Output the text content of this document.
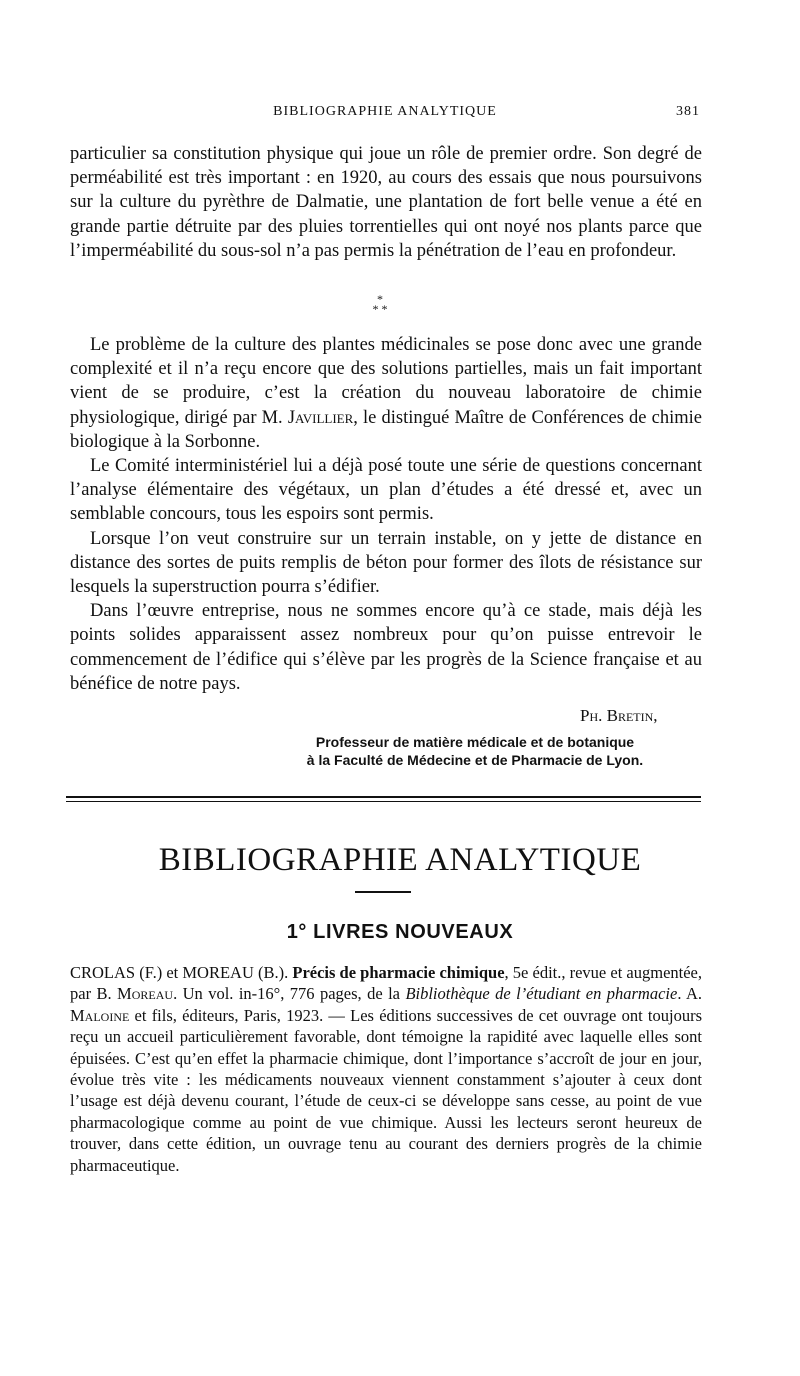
BIBLIOGRAPHIE ANALYTIQUE	381

particulier sa constitution physique qui joue un rôle de premier ordre. Son degré de perméabilité est très important : en 1920, au cours des essais que nous poursuivons sur la culture du pyrèthre de Dalmatie, une plantation de fort belle venue a été en grande partie détruite par des pluies torrentielles qui ont noyé nos plants parce que l’imperméabilité du sous-sol n’a pas permis la pénétration de l’eau en profondeur.

*
* *

Le problème de la culture des plantes médicinales se pose donc avec une grande complexité et il n’a reçu encore que des solutions partielles, mais un fait important vient de se produire, c’est la création du nouveau laboratoire de chimie physiologique, dirigé par M. Javillier, le distingué Maître de Conférences de chimie biologique à la Sorbonne.

Le Comité interministériel lui a déjà posé toute une série de questions concernant l’analyse élémentaire des végétaux, un plan d’études a été dressé et, avec un semblable concours, tous les espoirs sont permis.

Lorsque l’on veut construire sur un terrain instable, on y jette de distance en distance des sortes de puits remplis de béton pour former des îlots de résistance sur lesquels la superstruction pourra s’édifier.

Dans l’œuvre entreprise, nous ne sommes encore qu’à ce stade, mais déjà les points solides apparaissent assez nombreux pour qu’on puisse entrevoir le commencement de l’édifice qui s’élève par les progrès de la Science française et au bénéfice de notre pays.

Ph. Bretin,
Professeur de matière médicale et de botanique
à la Faculté de Médecine et de Pharmacie de Lyon.
BIBLIOGRAPHIE ANALYTIQUE
1° LIVRES NOUVEAUX
CROLAS (F.) et MOREAU (B.). Précis de pharmacie chimique, 5e édit., revue et augmentée, par B. Moreau. Un vol. in-16°, 776 pages, de la Bibliothèque de l’étudiant en pharmacie. A. Maloine et fils, éditeurs, Paris, 1923. — Les éditions successives de cet ouvrage ont toujours reçu un accueil particulièrement favorable, dont témoigne la rapidité avec laquelle elles sont épuisées. C’est qu’en effet la pharmacie chimique, dont l’importance s’accroît de jour en jour, évolue très vite : les médicaments nouveaux viennent constamment s’ajouter à ceux dont l’usage est déjà devenu courant, l’étude de ceux-ci se développe sans cesse, au point de vue pharmacologique comme au point de vue chimique. Aussi les lecteurs seront heureux de trouver, dans cette édition, un ouvrage tenu au courant des derniers progrès de la chimie pharmaceutique.
